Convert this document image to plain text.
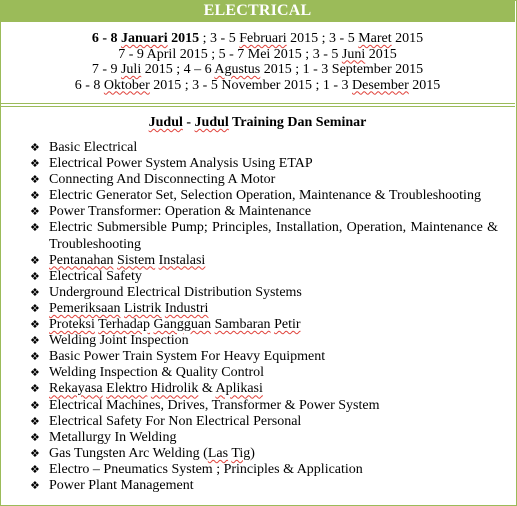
ELECTRICAL
6 - 8 Januari 2015 ; 3 - 5 Februari 2015 ; 3 - 5 Maret 2015
7 - 9 April 2015 ; 5 - 7 Mei 2015 ; 3 - 5 Juni 2015
7 - 9 Juli 2015 ; 4 – 6 Agustus 2015 ; 1 - 3 September 2015
6 - 8 Oktober 2015 ; 3 - 5 November 2015 ; 1 - 3 Desember 2015
Judul - Judul Training Dan Seminar
❖ Basic Electrical
❖ Electrical Power System Analysis Using ETAP
❖ Connecting And Disconnecting A Motor
❖ Electric Generator Set, Selection Operation, Maintenance & Troubleshooting
❖ Power Transformer: Operation & Maintenance
❖ Electric Submersible Pump; Principles, Installation, Operation, Maintenance & Troubleshooting
❖ Pentanahan Sistem Instalasi
❖ Electrical Safety
❖ Underground Electrical Distribution Systems
❖ Pemeriksaan Listrik Industri
❖ Proteksi Terhadap Gangguan Sambaran Petir
❖ Welding Joint Inspection
❖ Basic Power Train System For Heavy Equipment
❖ Welding Inspection & Quality Control
❖ Rekayasa Elektro Hidrolik & Aplikasi
❖ Electrical Machines, Drives, Transformer & Power System
❖ Electrical Safety For Non Electrical Personal
❖ Metallurgy In Welding
❖ Gas Tungsten Arc Welding (Las Tig)
❖ Electro – Pneumatics System ; Principles & Application
❖ Power Plant Management
